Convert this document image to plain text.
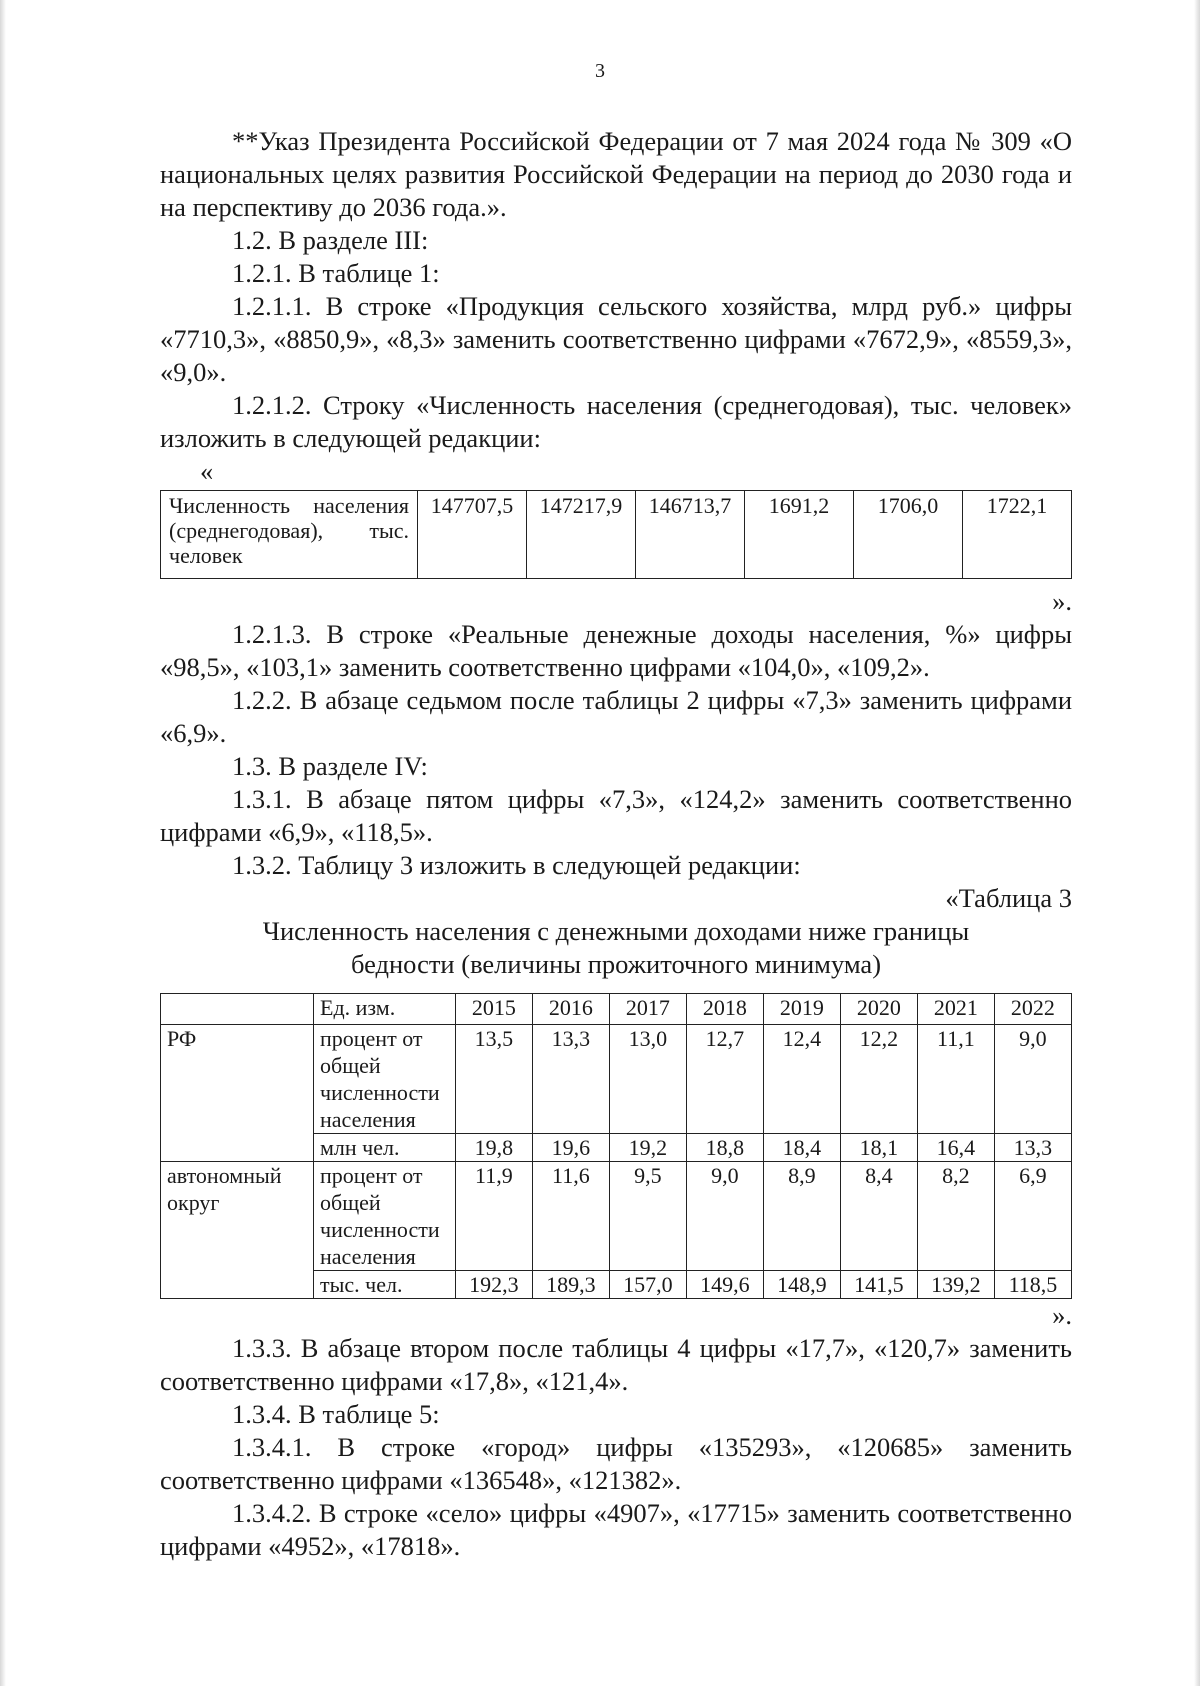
3

**Указ Президента Российской Федерации от 7 мая 2024 года № 309 «О национальных целях развития Российской Федерации на период до 2030 года и на перспективу до 2036 года.».

1.2. В разделе III:

1.2.1. В таблице 1:

1.2.1.1. В строке «Продукция сельского хозяйства, млрд руб.» цифры «7710,3», «8850,9», «8,3» заменить соответственно цифрами «7672,9», «8559,3», «9,0».

1.2.1.2. Строку «Численность населения (среднегодовая), тыс. человек» изложить в следующей редакции:

«
Численность населения (среднегодовая), тыс. человек	147707,5	147217,9	146713,7	1691,2	1706,0	1722,1
».

1.2.1.3. В строке «Реальные денежные доходы населения, %» цифры «98,5», «103,1» заменить соответственно цифрами «104,0», «109,2».

1.2.2. В абзаце седьмом после таблицы 2 цифры «7,3» заменить цифрами «6,9».

1.3. В разделе IV:

1.3.1. В абзаце пятом цифры «7,3», «124,2» заменить соответственно цифрами «6,9», «118,5».

1.3.2. Таблицу 3 изложить в следующей редакции:

«Таблица 3
Численность населения с денежными доходами ниже границы
бедности (величины прожиточного минимума)
	Ед. изм.	2015	2016	2017	2018	2019	2020	2021	2022
РФ	процент от общей численности населения	13,5	13,3	13,0	12,7	12,4	12,2	11,1	9,0
	млн чел.	19,8	19,6	19,2	18,8	18,4	18,1	16,4	13,3
автономный округ	процент от общей численности населения	11,9	11,6	9,5	9,0	8,9	8,4	8,2	6,9
	тыс. чел.	192,3	189,3	157,0	149,6	148,9	141,5	139,2	118,5
».

1.3.3. В абзаце втором после таблицы 4 цифры «17,7», «120,7» заменить соответственно цифрами «17,8», «121,4».

1.3.4. В таблице 5:

1.3.4.1. В строке «город» цифры «135293», «120685» заменить соответственно цифрами «136548», «121382».

1.3.4.2. В строке «село» цифры «4907», «17715» заменить соответственно цифрами «4952», «17818».
